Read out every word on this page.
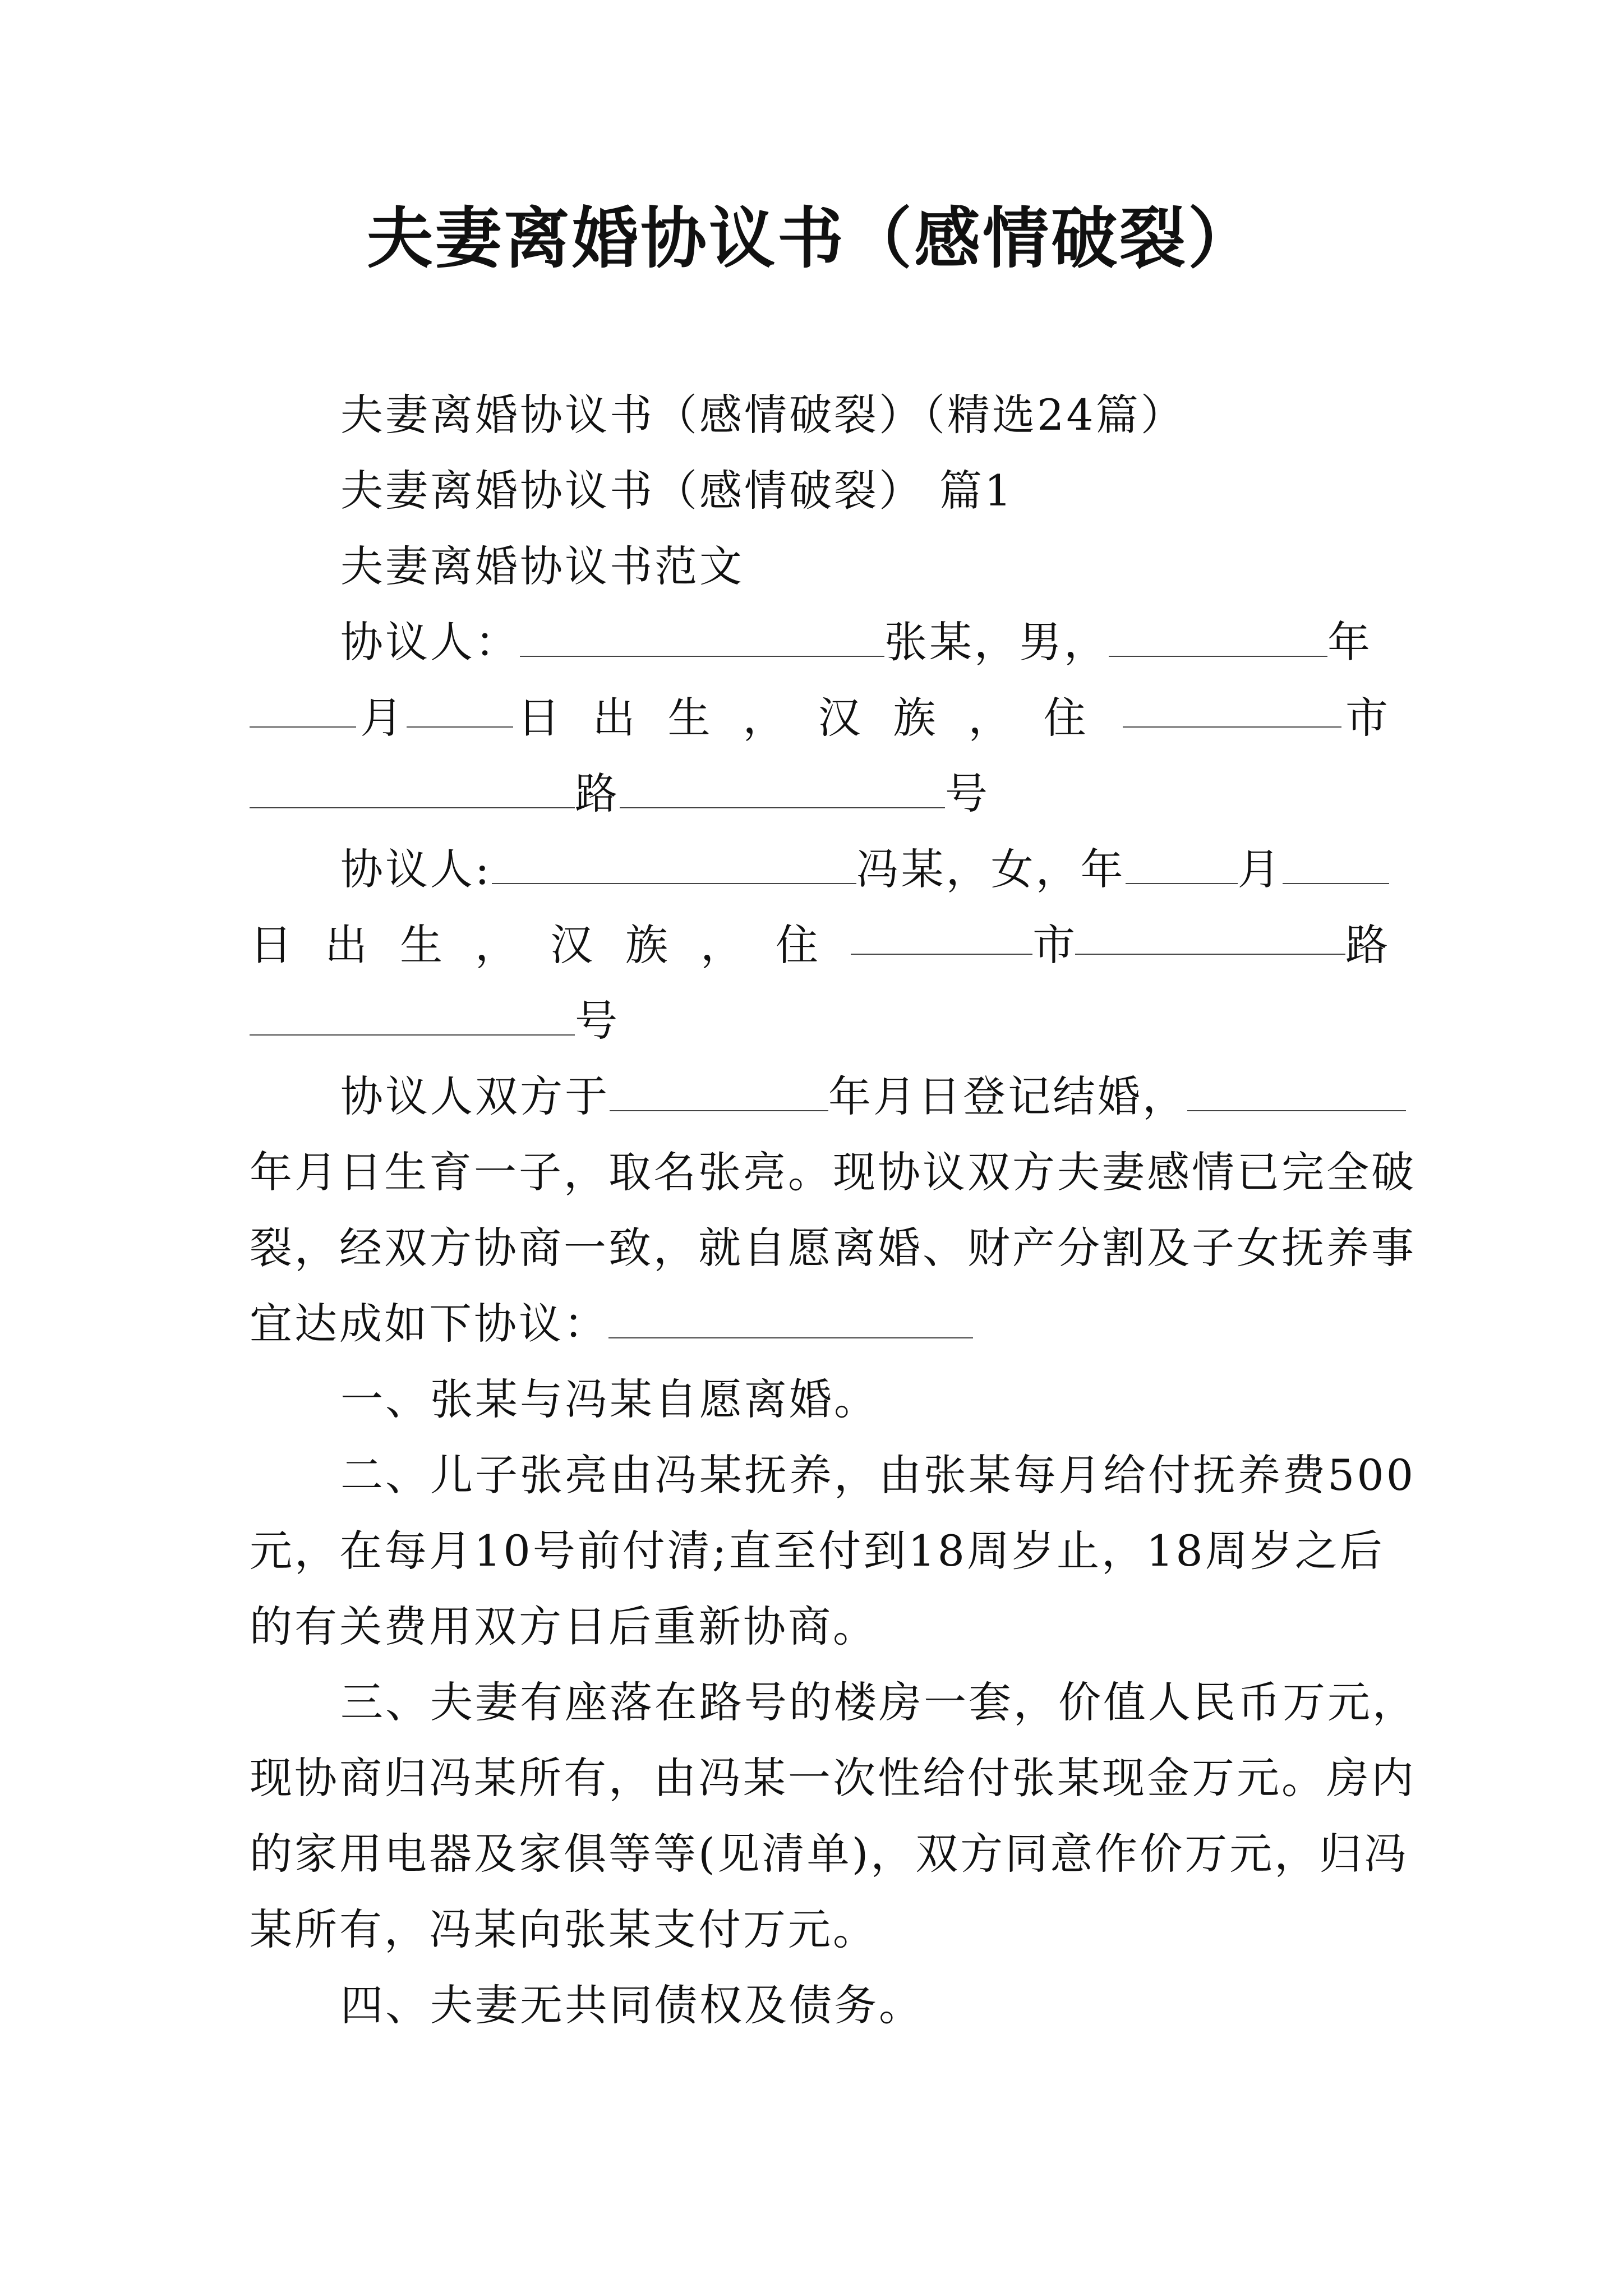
夫妻离婚协议书（感情破裂）
夫妻离婚协议书（感情破裂）（精选24篇）
夫妻离婚协议书（感情破裂） 篇1
夫妻离婚协议书范文
协议人：	张某，男，	年
月	日出生，汉族，住	市
路	号
协议人:	冯某，女，年	月
日出生，汉族，住	市	路
号
协议人双方于	年月日登记结婚，
年月日生育一子，取名张亮。现协议双方夫妻感情已完全破
裂，经双方协商一致，就自愿离婚、财产分割及子女抚养事
宜达成如下协议：
一、张某与冯某自愿离婚。
二、儿子张亮由冯某抚养，由张某每月给付抚养费500
元，在每月10号前付清;直至付到18周岁止，18周岁之后
的有关费用双方日后重新协商。
三、夫妻有座落在路号的楼房一套，价值人民币万元，
现协商归冯某所有，由冯某一次性给付张某现金万元。房内
的家用电器及家俱等等(见清单)，双方同意作价万元，归冯
某所有，冯某向张某支付万元。
四、夫妻无共同债权及债务。
